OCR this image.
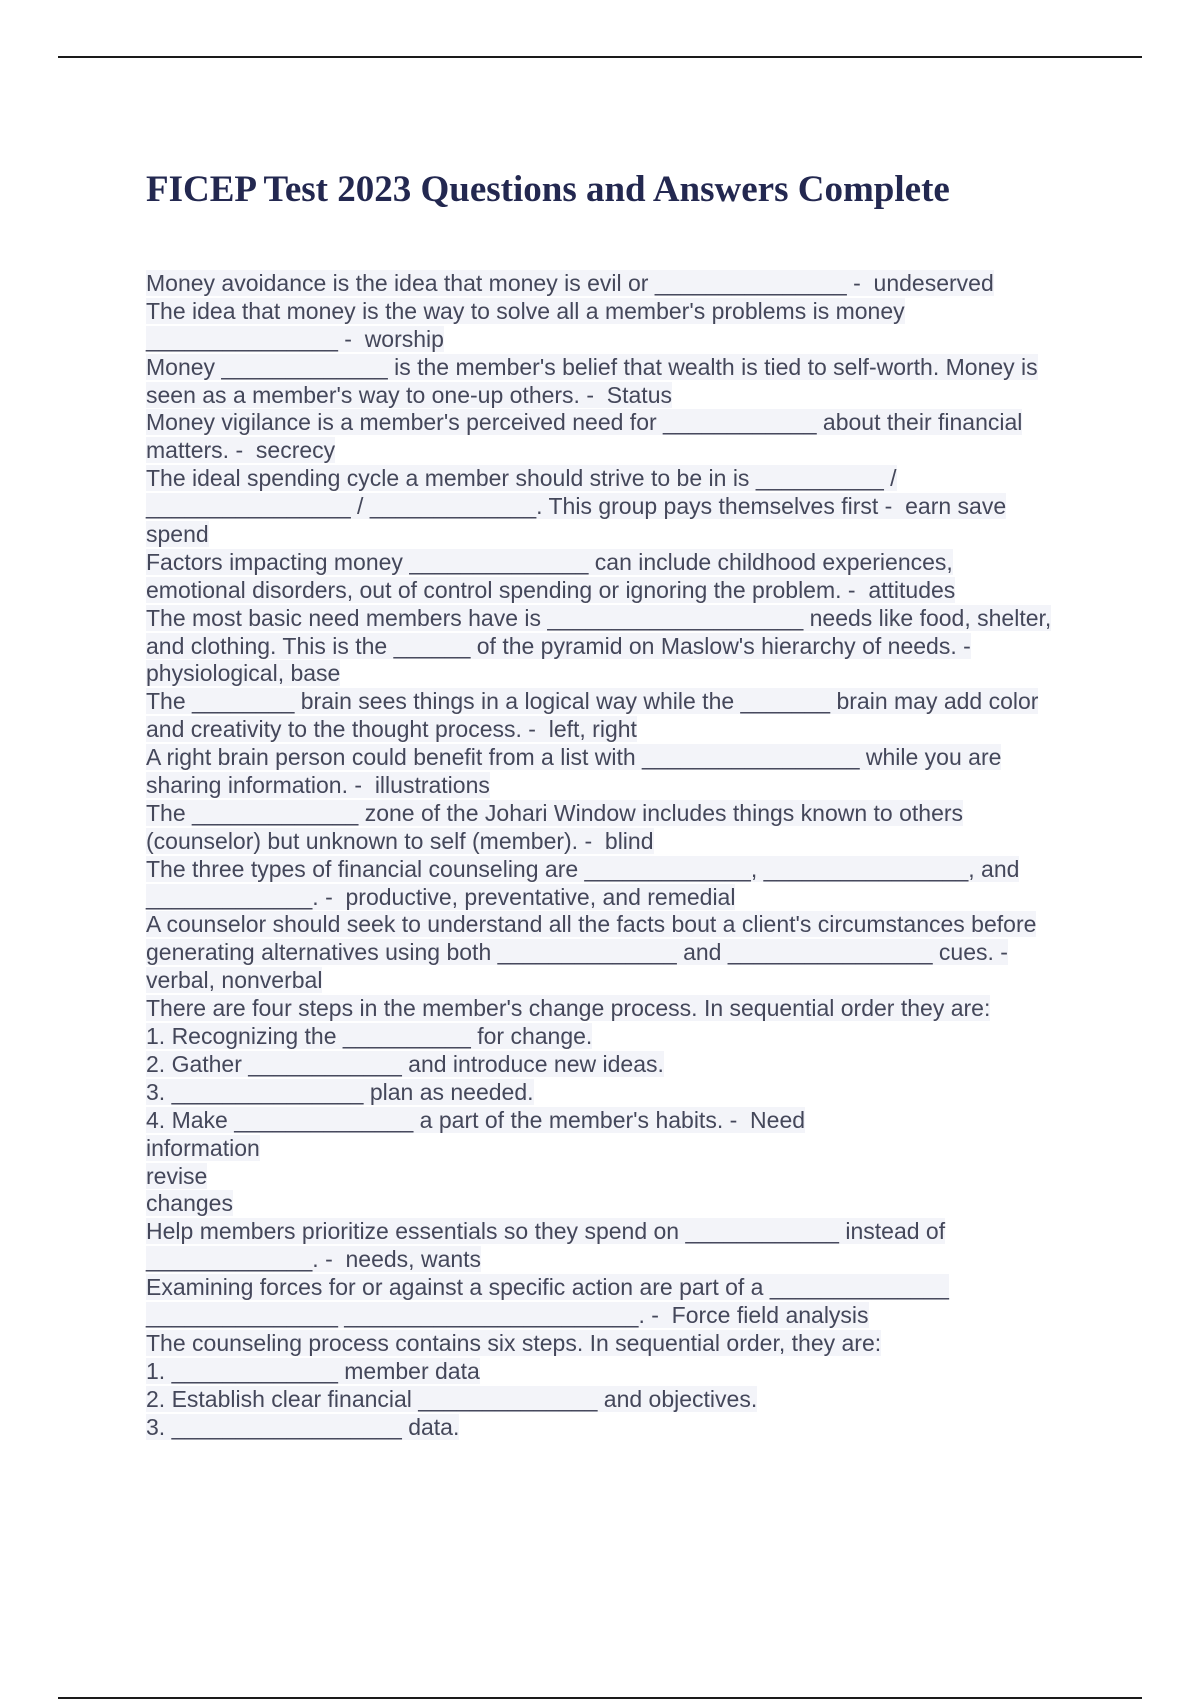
FICEP Test 2023 Questions and Answers Complete
Money avoidance is the idea that money is evil or _______________ -  undeserved
The idea that money is the way to solve all a member's problems is money
_______________ -  worship
Money _____________ is the member's belief that wealth is tied to self-worth. Money is
seen as a member's way to one-up others. -  Status
Money vigilance is a member's perceived need for ____________ about their financial
matters. -  secrecy
The ideal spending cycle a member should strive to be in is __________ /
________________ / _____________. This group pays themselves first -  earn save
spend
Factors impacting money ______________ can include childhood experiences,
emotional disorders, out of control spending or ignoring the problem. -  attitudes
The most basic need members have is ____________________ needs like food, shelter,
and clothing. This is the ______ of the pyramid on Maslow's hierarchy of needs. -
physiological, base
The ________ brain sees things in a logical way while the _______ brain may add color
and creativity to the thought process. -  left, right
A right brain person could benefit from a list with _________________ while you are
sharing information. -  illustrations
The _____________ zone of the Johari Window includes things known to others
(counselor) but unknown to self (member). -  blind
The three types of financial counseling are _____________, ________________, and
_____________. -  productive, preventative, and remedial
A counselor should seek to understand all the facts bout a client's circumstances before
generating alternatives using both ______________ and ________________ cues. -
verbal, nonverbal
There are four steps in the member's change process. In sequential order they are:
1. Recognizing the __________ for change.
2. Gather ____________ and introduce new ideas.
3. _______________ plan as needed.
4. Make ______________ a part of the member's habits. -  Need
information
revise
changes
Help members prioritize essentials so they spend on ____________ instead of
_____________. -  needs, wants
Examining forces for or against a specific action are part of a ______________
_______________ _______________________. -  Force field analysis
The counseling process contains six steps. In sequential order, they are:
1. _____________ member data
2. Establish clear financial ______________ and objectives.
3. __________________ data.
